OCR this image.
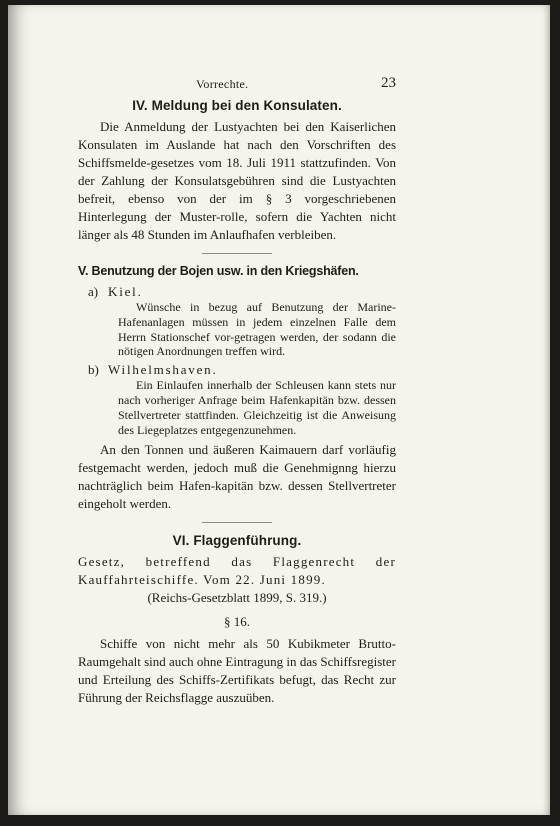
Vorrechte.	23
IV. Meldung bei den Konsulaten.

Die Anmeldung der Lustyachten bei den Kaiserlichen Konsulaten im Auslande hat nach den Vorschriften des Schiffsmelde-gesetzes vom 18. Juli 1911 stattzufinden. Von der Zahlung der Konsulatsgebühren sind die Lustyachten befreit, ebenso von der im § 3 vorgeschriebenen Hinterlegung der Muster-rolle, sofern die Yachten nicht länger als 48 Stunden im Anlaufhafen verbleiben.

V. Benutzung der Bojen usw. in den Kriegshäfen.
a) Kiel.

Wünsche in bezug auf Benutzung der Marine-Hafenanlagen müssen in jedem einzelnen Falle dem Herrn Stationschef vor-getragen werden, der sodann die nötigen Anordnungen treffen wird.

b) Wilhelmshaven.

Ein Einlaufen innerhalb der Schleusen kann stets nur nach vorheriger Anfrage beim Hafenkapitän bzw. dessen Stellvertreter stattfinden. Gleichzeitig ist die Anweisung des Liegeplatzes entgegenzunehmen.

An den Tonnen und äußeren Kaimauern darf vorläufig festgemacht werden, jedoch muß die Genehmignng hierzu nachträglich beim Hafen-kapitän bzw. dessen Stellvertreter eingeholt werden.

VI. Flaggenführung.

Gesetz, betreffend das Flaggenrecht der Kauffahrteischiffe. Vom 22. Juni 1899.

(Reichs-Gesetzblatt 1899, S. 319.)

§ 16.

Schiffe von nicht mehr als 50 Kubikmeter Brutto-Raumgehalt sind auch ohne Eintragung in das Schiffsregister und Erteilung des Schiffs-Zertifikats befugt, das Recht zur Führung der Reichsflagge auszuüben.
